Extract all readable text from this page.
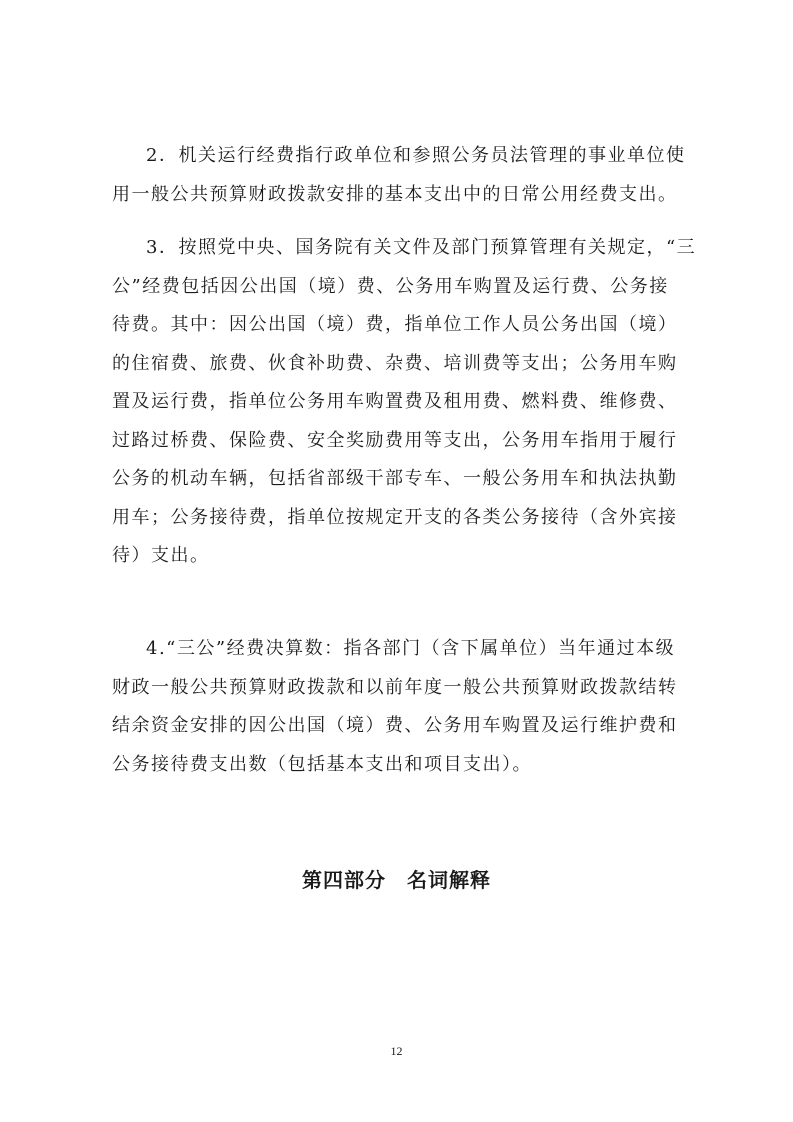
2．机关运行经费指行政单位和参照公务员法管理的事业单位使
用一般公共预算财政拨款安排的基本支出中的日常公用经费支出。
3．按照党中央、国务院有关文件及部门预算管理有关规定，“三
公”经费包括因公出国（境）费、公务用车购置及运行费、公务接
待费。其中：因公出国（境）费，指单位工作人员公务出国（境）
的住宿费、旅费、伙食补助费、杂费、培训费等支出；公务用车购
置及运行费，指单位公务用车购置费及租用费、燃料费、维修费、
过路过桥费、保险费、安全奖励费用等支出，公务用车指用于履行
公务的机动车辆，包括省部级干部专车、一般公务用车和执法执勤
用车；公务接待费，指单位按规定开支的各类公务接待（含外宾接
待）支出。
4.“三公”经费决算数：指各部门（含下属单位）当年通过本级
财政一般公共预算财政拨款和以前年度一般公共预算财政拨款结转
结余资金安排的因公出国（境）费、公务用车购置及运行维护费和
公务接待费支出数（包括基本支出和项目支出）。
第四部分　名词解释
12
